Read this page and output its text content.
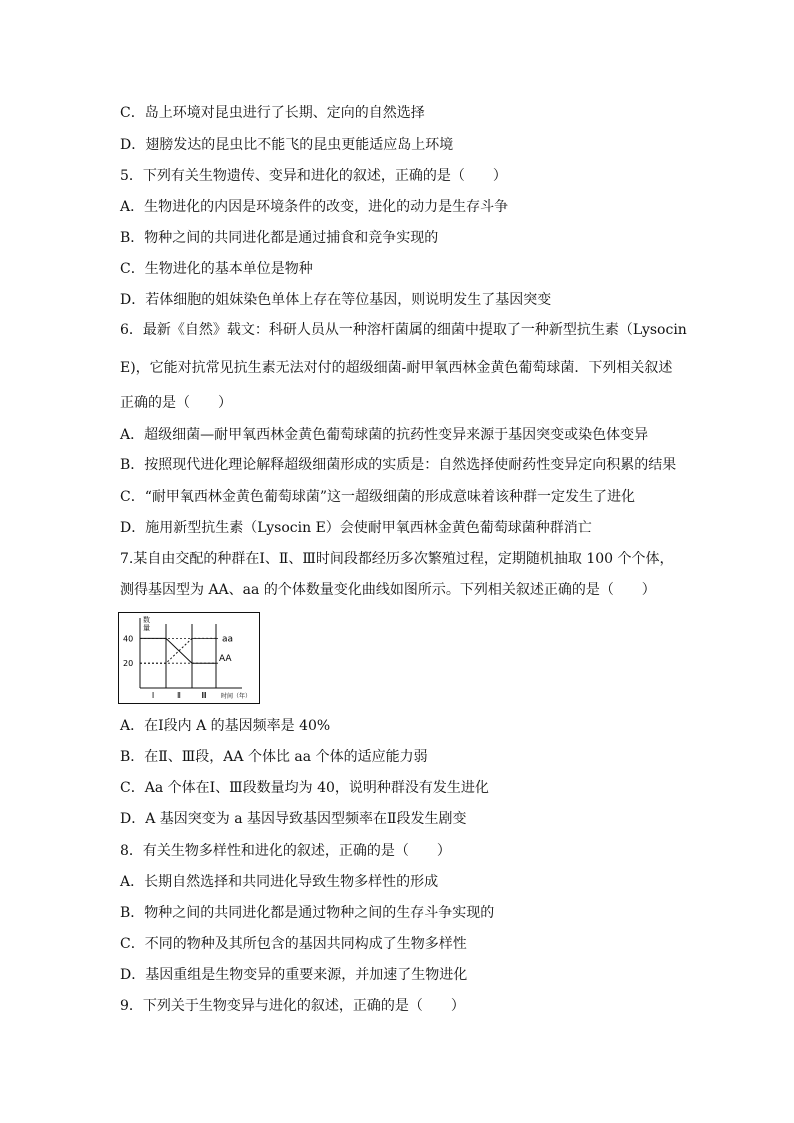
C．岛上环境对昆虫进行了长期、定向的自然选择
D．翅膀发达的昆虫比不能飞的昆虫更能适应岛上环境
5．下列有关生物遗传、变异和进化的叙述，正确的是（　　）
A．生物进化的内因是环境条件的改变，进化的动力是生存斗争
B．物种之间的共同进化都是通过捕食和竞争实现的
C．生物进化的基本单位是物种
D．若体细胞的姐妹染色单体上存在等位基因，则说明发生了基因突变
6．最新《自然》载文：科研人员从一种溶杆菌属的细菌中提取了一种新型抗生素（Lysocin
E)，它能对抗常见抗生素无法对付的超级细菌-耐甲氧西林金黄色葡萄球菌．下列相关叙述
正确的是（　　）
A．超级细菌—耐甲氧西林金黄色葡萄球菌的抗药性变异来源于基因突变或染色体变异
B．按照现代进化理论解释超级细菌形成的实质是：自然选择使耐药性变异定向积累的结果
C．“耐甲氧西林金黄色葡萄球菌”这一超级细菌的形成意味着该种群一定发生了进化
D．施用新型抗生素（Lysocin E）会使耐甲氧西林金黄色葡萄球菌种群消亡
7.某自由交配的种群在Ⅰ、Ⅱ、Ⅲ时间段都经历多次繁殖过程，定期随机抽取 100 个个体，
测得基因型为 AA、aa 的个体数量变化曲线如图所示。下列相关叙述正确的是（　　）
数
量
20
40	aa
AA
Ⅰ	Ⅱ	Ⅲ 时间（年）
A．在Ⅰ段内 A 的基因频率是 40%
B．在Ⅱ、Ⅲ段，AA 个体比 aa 个体的适应能力弱
C．Aa 个体在Ⅰ、Ⅲ段数量均为 40，说明种群没有发生进化
D．A 基因突变为 a 基因导致基因型频率在Ⅱ段发生剧变
8．有关生物多样性和进化的叙述，正确的是（　　）
A．长期自然选择和共同进化导致生物多样性的形成
B．物种之间的共同进化都是通过物种之间的生存斗争实现的
C．不同的物种及其所包含的基因共同构成了生物多样性
D．基因重组是生物变异的重要来源，并加速了生物进化
9．下列关于生物变异与进化的叙述，正确的是（　　）
